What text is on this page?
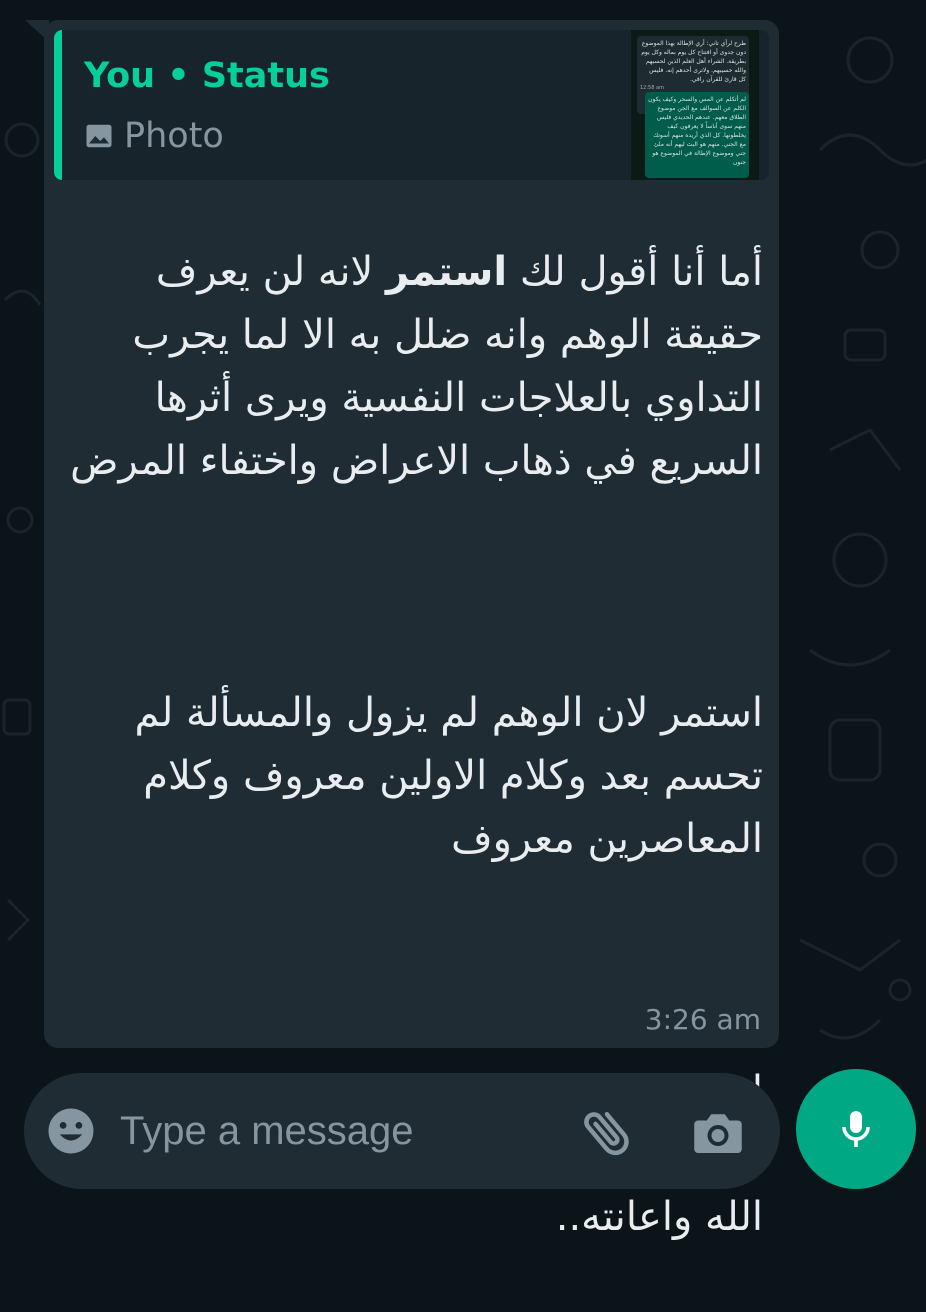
You • Status
Photo
طرح لرأي تاني: أري الإطالة بهذا الموضوع دون جدوى أو افتتاح كل يوم بماله وكل يوم بطريقة. الشراء أهل العلم الذين لحسبهم والله حسيبهم. ولاترى أحدهم إنه. فليس كل قارئ للقرآن راقي.
12:58 am
لم أتكلم عن المس والسحر وكيف يكون الكلم عن السوالف مع الجن موضوع الطلاق معهم. عندهم الحديدي فليس منهم سوى أناساً لا يعرفون كيف يخلطونها. كل الذي أريده منهم أسوتك مع الجني. منهم هو البث ليهم أنه ملئ جني وموضوع الإطالة في الموضوع هو جنون

أما أنا أقول لك استمر لانه لن يعرف حقيقة الوهم وانه ضلل به الا لما يجرب التداوي بالعلاجات النفسية ويرى أثرها السريع في ذهاب الاعراض واختفاء المرض

استمر لان الوهم لم يزول والمسألة لم تحسم بعد وكلام الاولين معروف وكلام المعاصرين معروف

الله واعانته..

3:26 am
Type a message
